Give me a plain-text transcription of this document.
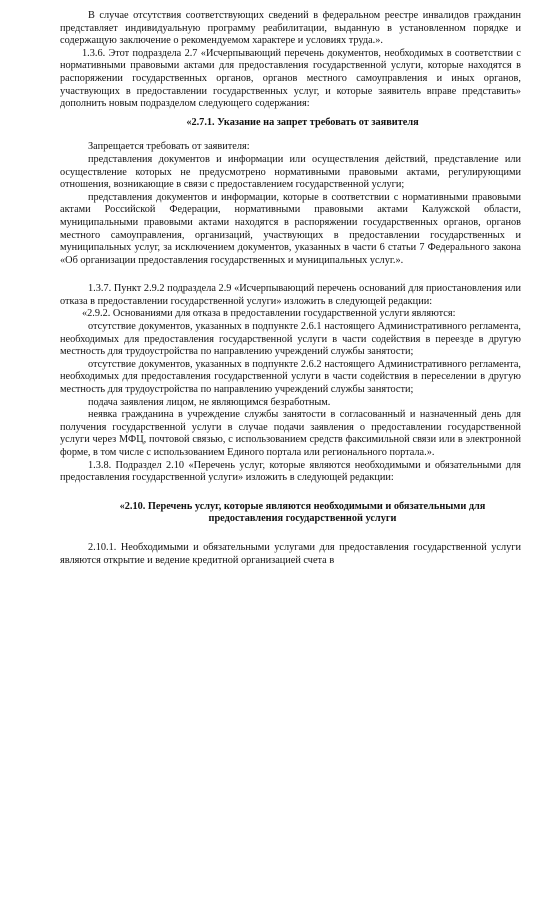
В случае отсутствия соответствующих сведений в федеральном реестре инвалидов гражданин представляет индивидуальную программу реабилитации, выданную в установленном порядке и содержащую заключение о рекомендуемом характере и условиях труда.».

1.3.6. Этот подраздела 2.7 «Исчерпывающий перечень документов, необходимых в соответствии с нормативными правовыми актами для предоставления государственной услуги, которые находятся в распоряжении государственных органов, органов местного самоуправления и иных органов, участвующих в предоставлении государственных услуг, и которые заявитель вправе представить» дополнить новым подразделом следующего содержания:

«2.7.1. Указание на запрет требовать от заявителя

Запрещается требовать от заявителя:

представления документов и информации или осуществления действий, представление или осуществление которых не предусмотрено нормативными правовыми актами, регулирующими отношения, возникающие в связи с предоставлением государственной услуги;

представления документов и информации, которые в соответствии с нормативными правовыми актами Российской Федерации, нормативными правовыми актами Калужской области, муниципальными правовыми актами находятся в распоряжении государственных органов, органов местного самоуправления, организаций, участвующих в предоставлении государственных и муниципальных услуг, за исключением документов, указанных в части 6 статьи 7 Федерального закона «Об организации предоставления государственных и муниципальных услуг.».

1.3.7. Пункт 2.9.2 подраздела 2.9 «Исчерпывающий перечень оснований для приостановления или отказа в предоставлении государственной услуги» изложить в следующей редакции:

«2.9.2. Основаниями для отказа в предоставлении государственной услуги являются:

отсутствие документов, указанных в подпункте 2.6.1 настоящего Административного регламента, необходимых для предоставления государственной услуги в части содействия в переезде в другую местность для трудоустройства по направлению учреждений службы занятости;

отсутствие документов, указанных в подпункте 2.6.2 настоящего Административного регламента, необходимых для предоставления государственной услуги в части содействия в переселении в другую местность для трудоустройства по направлению учреждений службы занятости;

подача заявления лицом, не являющимся безработным.

неявка гражданина в учреждение службы занятости в согласованный и назначенный день для получения государственной услуги в случае подачи заявления о предоставлении государственной услуги через МФЦ, почтовой связью, с использованием средств факсимильной связи или в электронной форме, в том числе с использованием Единого портала или регионального портала.».

1.3.8. Подраздел 2.10 «Перечень услуг, которые являются необходимыми и обязательными для предоставления государственной услуги» изложить в следующей редакции:

«2.10. Перечень услуг, которые являются необходимыми и обязательными для предоставления государственной услуги

2.10.1. Необходимыми и обязательными услугами для предоставления государственной услуги являются открытие и ведение кредитной организацией счета в
